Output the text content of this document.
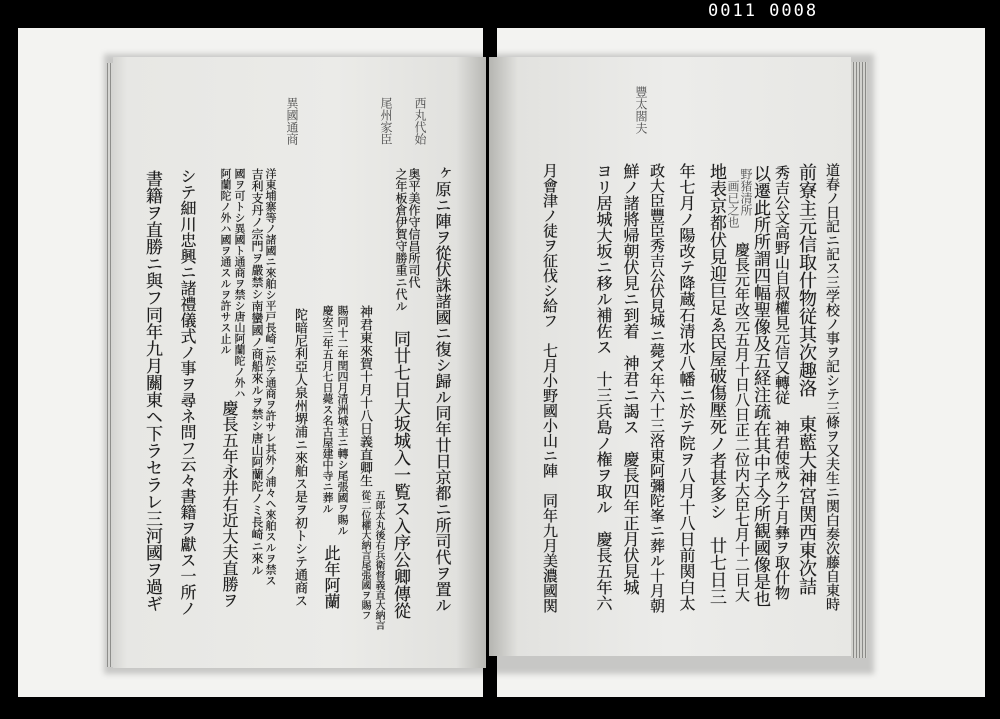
0011 0008
西丸代始
尾州家臣
異國通商
ヶ原ニ陣ヲ從伏誅諸國ニ復シ歸ル同年廿日京都ニ所司代ヲ置ル
奥平美作守信昌所司代
之年板倉伊賀守勝重ニ代ル
同廿七日大坂城入一覧ス入序公卿傳從
神君東來賀十月十八日義直卿生
五郎太丸後右兵衛督義直大納言
從二位權大納言尾張國ヲ賜フ
賜同十二年閏四月清洲城主ニ轉シ尾張國ヲ賜ル
慶安三年五月七日薨ス名古屋建中寺ニ葬ル
此年阿蘭
陀暗尼利亞人泉州堺浦ニ來舶ス是ヲ初トシテ通商ス
洋東埔寨等ノ諸國ニ來舶シ平戸長崎ニ於テ通商ヲ許サレ其外ノ浦々ヘ來舶スルヲ禁ス
吉利支丹ノ宗門ヲ嚴禁シ南蠻國ノ商船來ルヲ禁シ唐山阿蘭陀ノミ長崎ニ來ル
國ヲ可トシ異國ト通商ヲ禁シ唐山阿蘭陀ノ外ハ
阿蘭陀ノ外ハ國ヲ通スルヲ許サス止ル
慶長五年永井右近大夫直勝ヲ
シテ細川忠興ニ諸禮儀式ノ事ヲ尋ネ問フ云々書籍ヲ獻ス一所ノ
書籍ヲ直勝ニ與フ同年九月關東ヘ下ラセラレ三河國ヲ過ギ
豐太閤夫
道春ノ日記ニ記ス三学校ノ事ヲ記シテ三條ヲ又夫生ニ関白奏次藤自東時
前寮主元信取什物従其次趣洛　東藍大神宮関西東次詰
秀吉公文高野山自叔權見元信又轉従　神君使戒ク于月彝ヲ取什物
以遷此所所謂四幅聖像及五経注疏在其中子今所観國像是也
野猪清所
画已之也
慶長元年改元五月十日八日正二位内大臣七月十二日大
地表京都伏見迎巨足ゑ民屋破傷壓死ノ者甚多シ　廿七日三
年七月ノ陽改テ降蔵石清水八幡ニ於テ院ヲ八月十八日前関白太
政大臣豐臣秀吉公伏見城ニ薨ズ年六十三洛東阿彌陀峯ニ葬ル十月朝
鮮ノ諸將帰朝伏見ニ到着　神君ニ謁ス　慶長四年正月伏見城
ヨリ居城大坂ニ移ル補佐ス　十三兵島ノ権ヲ取ル　慶長五年六
月會津ノ徒ヲ征伐シ給フ　七月小野國小山ニ陣　同年九月美濃國関
